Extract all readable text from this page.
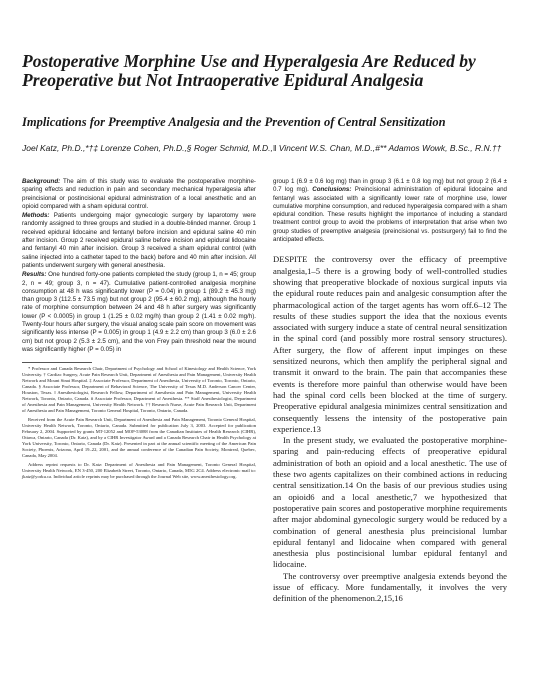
Postoperative Morphine Use and Hyperalgesia Are Reduced by Preoperative but Not Intraoperative Epidural Analgesia
Implications for Preemptive Analgesia and the Prevention of Central Sensitization
Joel Katz, Ph.D.,*†‡ Lorenze Cohen, Ph.D.,§ Roger Schmid, M.D.,‖ Vincent W.S. Chan, M.D.,#** Adamos Wowk, B.Sc., R.N.††

Background: The aim of this study was to evaluate the postoperative morphine-sparing effects and reduction in pain and secondary mechanical hyperalgesia after preincisional or postincisional epidural administration of a local anesthetic and an opioid compared with a sham epidural control.

Methods: Patients undergoing major gynecologic surgery by laparotomy were randomly assigned to three groups and studied in a double-blinded manner. Group 1 received epidural lidocaine and fentanyl before incision and epidural saline 40 min after incision. Group 2 received epidural saline before incision and epidural lidocaine and fentanyl 40 min after incision. Group 3 received a sham epidural control (with saline injected into a catheter taped to the back) before and 40 min after incision. All patients underwent surgery with general anesthesia.

Results: One hundred forty-one patients completed the study (group 1, n = 45; group 2, n = 49; group 3, n = 47). Cumulative patient-controlled analgesia morphine consumption at 48 h was significantly lower (P = 0.04) in group 1 (89.2 ± 45.3 mg) than group 3 (112.5 ± 73.5 mg) but not group 2 (95.4 ± 60.2 mg), although the hourly rate of morphine consumption between 24 and 48 h after surgery was significantly lower (P < 0.0005) in group 1 (1.25 ± 0.02 mg/h) than group 2 (1.41 ± 0.02 mg/h). Twenty-four hours after surgery, the visual analog scale pain score on movement was significantly less intense (P = 0.005) in group 1 (4.9 ± 2.2 cm) than group 3 (6.0 ± 2.6 cm) but not group 2 (5.3 ± 2.5 cm), and the von Frey pain threshold near the wound was significantly higher (P = 0.05) in

* Professor and Canada Research Chair, Department of Psychology and School of Kinesiology and Health Science, York University. † Cardiac Surgery, Acute Pain Research Unit, Department of Anesthesia and Pain Management, University Health Network and Mount Sinai Hospital. ‡ Associate Professor, Department of Anesthesia, University of Toronto, Toronto, Ontario, Canada. § Associate Professor, Department of Behavioral Science, The University of Texas M.D. Anderson Cancer Center, Houston, Texas. ‖ Anesthesiologist, Research Fellow, Department of Anesthesia and Pain Management, University Health Network, Toronto, Ontario, Canada. # Associate Professor, Department of Anesthesia. ** Staff Anesthesiologist, Department of Anesthesia and Pain Management, University Health Network. †† Research Nurse, Acute Pain Research Unit, Department of Anesthesia and Pain Management, Toronto General Hospital, Toronto, Ontario, Canada.

Received from the Acute Pain Research Unit, Department of Anesthesia and Pain Management, Toronto General Hospital, University Health Network, Toronto, Ontario, Canada. Submitted for publication July 3, 2003. Accepted for publication February 2, 2004. Supported by grants MT-12052 and MOP-53088 from the Canadian Institutes of Health Research (CIHR), Ottawa, Ontario, Canada (Dr. Katz), and by a CIHR Investigator Award and a Canada Research Chair in Health Psychology at York University, Toronto, Ontario, Canada (Dr. Katz). Presented in part at the annual scientific meeting of the American Pain Society, Phoenix, Arizona, April 19–22, 2001, and the annual conference of the Canadian Pain Society, Montreal, Quebec, Canada, May 2004.

Address reprint requests to Dr. Katz: Department of Anesthesia and Pain Management, Toronto General Hospital, University Health Network, EN 3-450, 200 Elizabeth Street, Toronto, Ontario, Canada, M5G 2C4. Address electronic mail to: jkatz@yorku.ca. Individual article reprints may be purchased through the Journal Web site, www.anesthesiology.org.

group 1 (6.9 ± 0.6 log mg) than in group 3 (6.1 ± 0.8 log mg) but not group 2 (6.4 ± 0.7 log mg). Conclusions: Preincisional administration of epidural lidocaine and fentanyl was associated with a significantly lower rate of morphine use, lower cumulative morphine consumption, and reduced hyperalgesia compared with a sham epidural condition. These results highlight the importance of including a standard treatment control group to avoid the problems of interpretation that arise when two group studies of preemptive analgesia (preincisional vs. postsurgery) fail to find the anticipated effects.

DESPITE the controversy over the efficacy of preemptive analgesia,1–5 there is a growing body of well-controlled studies showing that preoperative blockade of noxious surgical inputs via the epidural route reduces pain and analgesic consumption after the pharmacological action of the target agents has worn off.6–12 The results of these studies support the idea that the noxious events associated with surgery induce a state of central neural sensitization in the spinal cord (and possibly more rostral sensory structures). After surgery, the flow of afferent input impinges on these sensitized neurons, which then amplify the peripheral signal and transmit it onward to the brain. The pain that accompanies these events is therefore more painful than otherwise would have been had the spinal cord cells been blocked at the time of surgery. Preoperative epidural analgesia minimizes central sensitization and consequently lessens the intensity of the postoperative pain experience.13

In the present study, we evaluated the postoperative morphine-sparing and pain-reducing effects of preoperative epidural administration of both an opioid and a local anesthetic. The use of these two agents capitalizes on their combined actions in reducing central sensitization.14 On the basis of our previous studies using an opioid6 and a local anesthetic,7 we hypothesized that postoperative pain scores and postoperative morphine requirements after major abdominal gynecologic surgery would be reduced by a combination of general anesthesia plus preincisional lumbar epidural fentanyl and lidocaine when compared with general anesthesia plus postincisional lumbar epidural fentanyl and lidocaine.

The controversy over preemptive analgesia extends beyond the issue of efficacy. More fundamentally, it involves the very definition of the phenomenon.2,15,16
